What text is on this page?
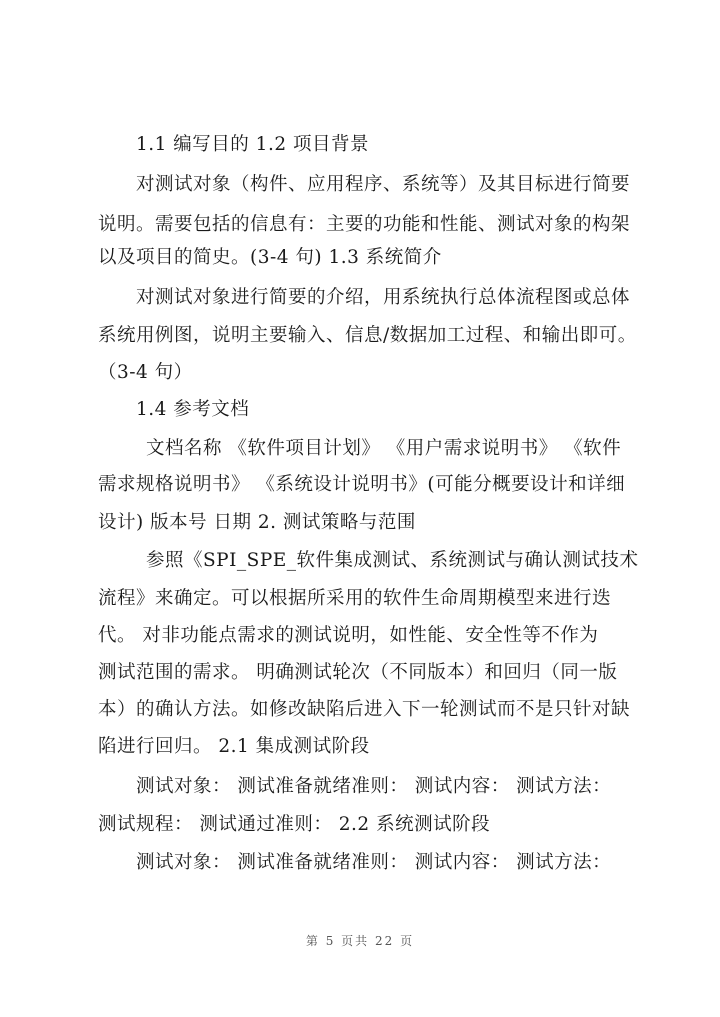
1.1 编写目的 1.2 项目背景
对测试对象（构件、应用程序、系统等）及其目标进行简要
说明。需要包括的信息有：主要的功能和性能、测试对象的构架
以及项目的简史。(3-4 句) 1.3 系统简介
对测试对象进行简要的介绍，用系统执行总体流程图或总体
系统用例图，说明主要输入、信息/数据加工过程、和输出即可。
（3-4 句）
1.4 参考文档
文档名称 《软件项目计划》 《用户需求说明书》 《软件
需求规格说明书》 《系统设计说明书》(可能分概要设计和详细
设计) 版本号 日期 2. 测试策略与范围
参照《SPI_SPE_软件集成测试、系统测试与确认测试技术
流程》来确定。可以根据所采用的软件生命周期模型来进行迭
代。 对非功能点需求的测试说明，如性能、安全性等不作为
测试范围的需求。 明确测试轮次（不同版本）和回归（同一版
本）的确认方法。如修改缺陷后进入下一轮测试而不是只针对缺
陷进行回归。 2.1 集成测试阶段
测试对象： 测试准备就绪准则： 测试内容： 测试方法：
测试规程： 测试通过准则： 2.2 系统测试阶段
测试对象： 测试准备就绪准则： 测试内容： 测试方法：
第 5 页共 22 页
